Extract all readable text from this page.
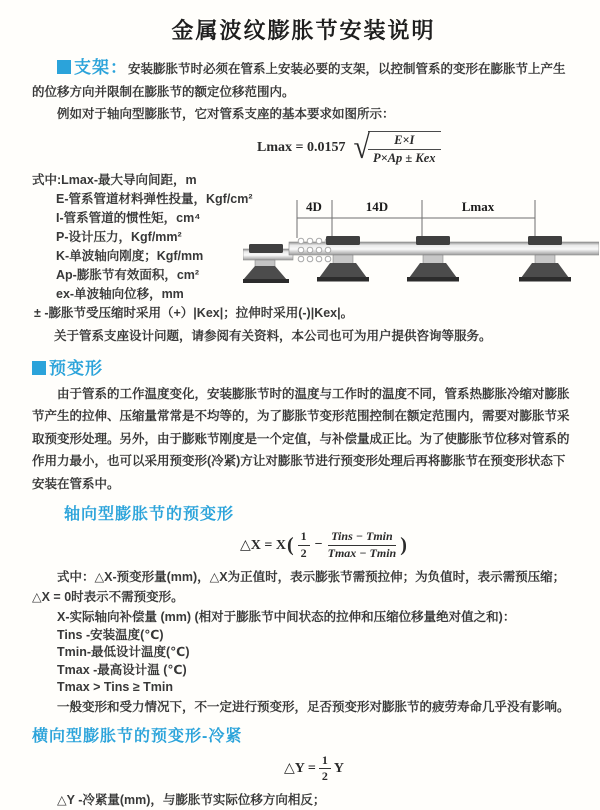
金属波纹膨胀节安装说明

支架：安装膨胀节时必须在管系上安装必要的支架，以控制管系的变形在膨胀节上产生的位移方向并限制在膨胀节的额定位移范围内。

例如对于轴向型膨胀节，它对管系支座的基本要求如图所示：

Lmax = 0.0157 √
$\frac{E\times I}{\text{P×Ap ± Kex}}$
式中:Lmax-最大导向间距，m
E-管系管道材料弹性投量，Kgf/cm²
I-管系管道的惯性矩，cm⁴
P-设计压力，Kgf/mm²
K-单波轴向刚度；Kgf/mm
Ap-膨胀节有效面积，cm²
ex-单波轴向位移，mm
± -膨胀节受压缩时采用（+）|Kex|；拉伸时采用(-)|Kex|。
关于管系支座设计问题，请参阅有关资料，本公司也可为用户提供咨询等服务。
预变形

由于管系的工作温度变化，安装膨胀节时的温度与工作时的温度不同，管系热膨胀冷缩对膨胀节产生的拉伸、压缩量常常是不均等的，为了膨胀节变形范围控制在额定范围内，需要对膨胀节采取预变形处理。另外，由于膨账节刚度是一个定值，与补偿量成正比。为了使膨胀节位移对管系的作用力最小，也可以采用预变形(冷紧)方让对膨胀节进行预变形处理后再将膨胀节在预变形状态下安装在管系中。

轴向型膨胀节的预变形
△X = X ( $\frac{1}{2} - \frac{\text{Tins − Tmin}}{Tmax - Tmin}$ )

式中：△X-预变形量(mm)，△X为正值时，表示膨张节需预拉伸；为负值时，表示需预压缩；△X = 0时表示不需预变形。

X-实际轴向补偿量 (mm) (相对于膨胀节中间状态的拉伸和压缩位移量绝对值之和)：

Tins -安装温度(℃)

Tmin-最低设计温度(℃)

Tmax -最高设计温 (℃)

Tmax > Tins ≥ Tmin

一般变形和受力情况下，不一定进行预变形，足否预变形对膨胀节的疲劳寿命几乎没有影响。

横向型膨胀节的预变形-冷紧
△Y = $\frac{1}{2}$ Y

△Y -冷紧量(mm)，与膨胀节实际位移方向相反；

4D	14D	Lmax
